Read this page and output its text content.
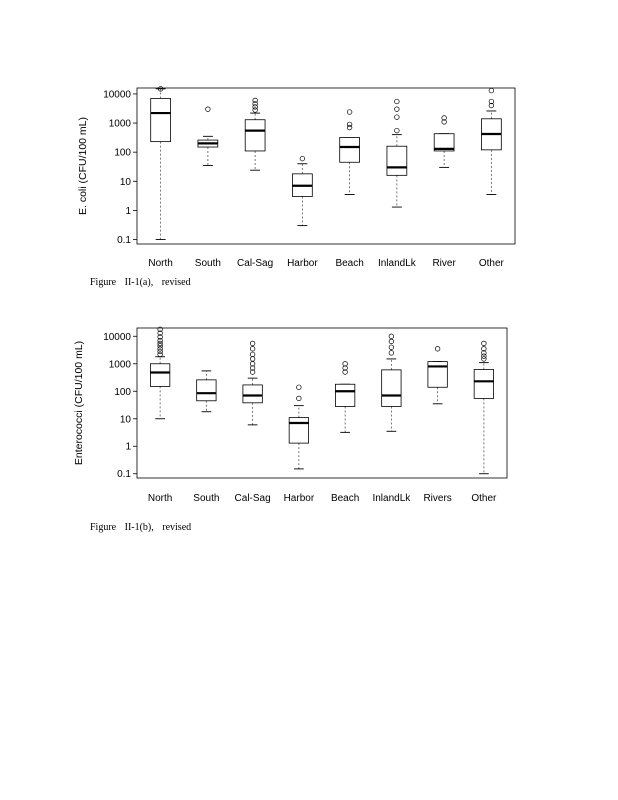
0.1
1
10
100
1000
10000
E. coli (CFU/100 mL)
North South Cal-Sag Harbor Beach InlandLk River Other
Figure II-1(a), revised
0.1
1
10
100
1000
10000
Enterococci (CFU/100 mL)
North South Cal-Sag Harbor Beach InlandLk Rivers Other
Figure II-1(b), revised
